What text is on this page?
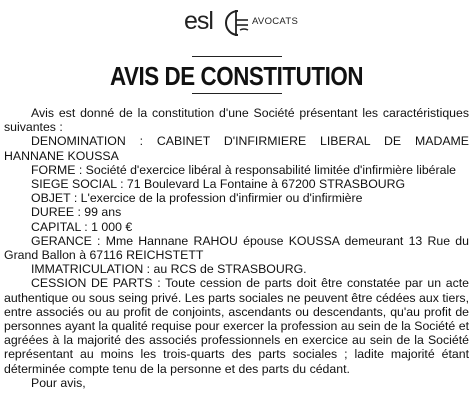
esl	AVOCATS
AVIS DE CONSTITUTION

Avis est donné de la constitution d'une Société présentant les caractéristiques suivantes :

DENOMINATION : CABINET D'INFIRMIERE LIBERAL DE MADAME HANNANE KOUSSA

FORME : Société d'exercice libéral à responsabilité limitée d'infirmière libérale

SIEGE SOCIAL : 71 Boulevard La Fontaine à 67200 STRASBOURG

OBJET : L'exercice de la profession d'infirmier ou d'infirmière

DUREE : 99 ans

CAPITAL : 1 000 €

GERANCE : Mme Hannane RAHOU épouse KOUSSA demeurant 13 Rue du Grand Ballon à 67116 REICHSTETT

IMMATRICULATION : au RCS de STRASBOURG.

CESSION DE PARTS : Toute cession de parts doit être constatée par un acte authentique ou sous seing privé. Les parts sociales ne peuvent être cédées aux tiers, entre associés ou au profit de conjoints, ascendants ou descendants, qu'au profit de personnes ayant la qualité requise pour exercer la profession au sein de la Société et agréées à la majorité des associés professionnels en exercice au sein de la Société représentant au moins les trois-quarts des parts sociales ; ladite majorité étant déterminée compte tenu de la personne et des parts du cédant.

Pour avis,
